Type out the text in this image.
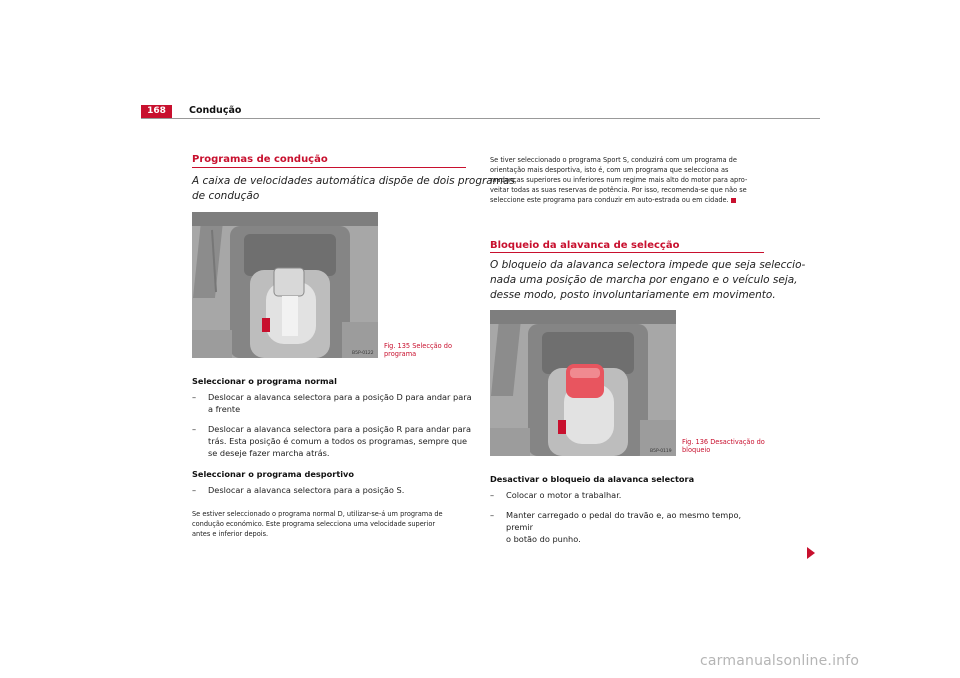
168	Condução
Programas de condução
A caixa de velocidades automática dispõe de dois programas
de condução
B5P-0122
Fig. 135 Selecção do
programa
Seleccionar o programa normal
– Deslocar a alavanca selectora para a posição D para andar para
a frente
– Deslocar a alavanca selectora para a posição R para andar para
trás. Esta posição é comum a todos os programas, sempre que
se deseje fazer marcha atrás.
Seleccionar o programa desportivo
– Deslocar a alavanca selectora para a posição S.
Se estiver seleccionado o programa normal D, utilizar-se-á um programa de
condução económico. Este programa selecciona uma velocidade superior
antes e inferior depois.
Se tiver seleccionado o programa Sport S, conduzirá com um programa de
orientação mais desportiva, isto é, com um programa que selecciona as
mudanças superiores ou inferiores num regime mais alto do motor para apro-
veitar todas as suas reservas de potência. Por isso, recomenda-se que não se
seleccione este programa para conduzir em auto-estrada ou em cidade.
Bloqueio da alavanca de selecção
O bloqueio da alavanca selectora impede que seja seleccio-
nada uma posição de marcha por engano e o veículo seja,
desse modo, posto involuntariamente em movimento.
B5P-0119
Fig. 136 Desactivação do
bloqueio
Desactivar o bloqueio da alavanca selectora
– Colocar o motor a trabalhar.
– Manter carregado o pedal do travão e, ao mesmo tempo, premir
o botão do punho.
carmanualsonline.info
